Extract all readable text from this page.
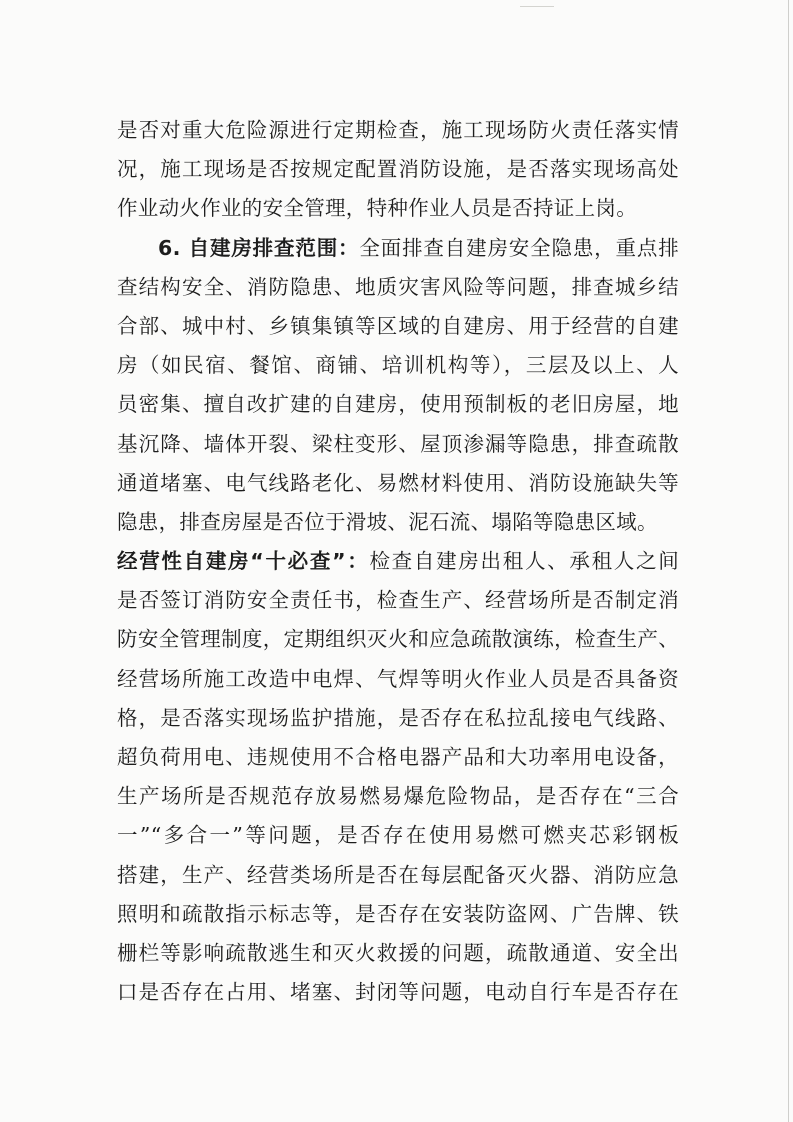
是否对重大危险源进行定期检查，施工现场防火责任落实情
况，施工现场是否按规定配置消防设施，是否落实现场高处
作业动火作业的安全管理，特种作业人员是否持证上岗。
6. 自建房排查范围：全面排查自建房安全隐患，重点排
查结构安全、消防隐患、地质灾害风险等问题，排查城乡结
合部、城中村、乡镇集镇等区域的自建房、用于经营的自建
房（如民宿、餐馆、商铺、培训机构等），三层及以上、人
员密集、擅自改扩建的自建房，使用预制板的老旧房屋，地
基沉降、墙体开裂、梁柱变形、屋顶渗漏等隐患，排查疏散
通道堵塞、电气线路老化、易燃材料使用、消防设施缺失等
隐患，排查房屋是否位于滑坡、泥石流、塌陷等隐患区域。
经营性自建房“十必查”：检查自建房出租人、承租人之间
是否签订消防安全责任书，检查生产、经营场所是否制定消
防安全管理制度，定期组织灭火和应急疏散演练，检查生产、
经营场所施工改造中电焊、气焊等明火作业人员是否具备资
格，是否落实现场监护措施，是否存在私拉乱接电气线路、
超负荷用电、违规使用不合格电器产品和大功率用电设备，
生产场所是否规范存放易燃易爆危险物品，是否存在“三合
一”“多合一”等问题，是否存在使用易燃可燃夹芯彩钢板
搭建，生产、经营类场所是否在每层配备灭火器、消防应急
照明和疏散指示标志等，是否存在安装防盗网、广告牌、铁
栅栏等影响疏散逃生和灭火救援的问题，疏散通道、安全出
口是否存在占用、堵塞、封闭等问题，电动自行车是否存在
